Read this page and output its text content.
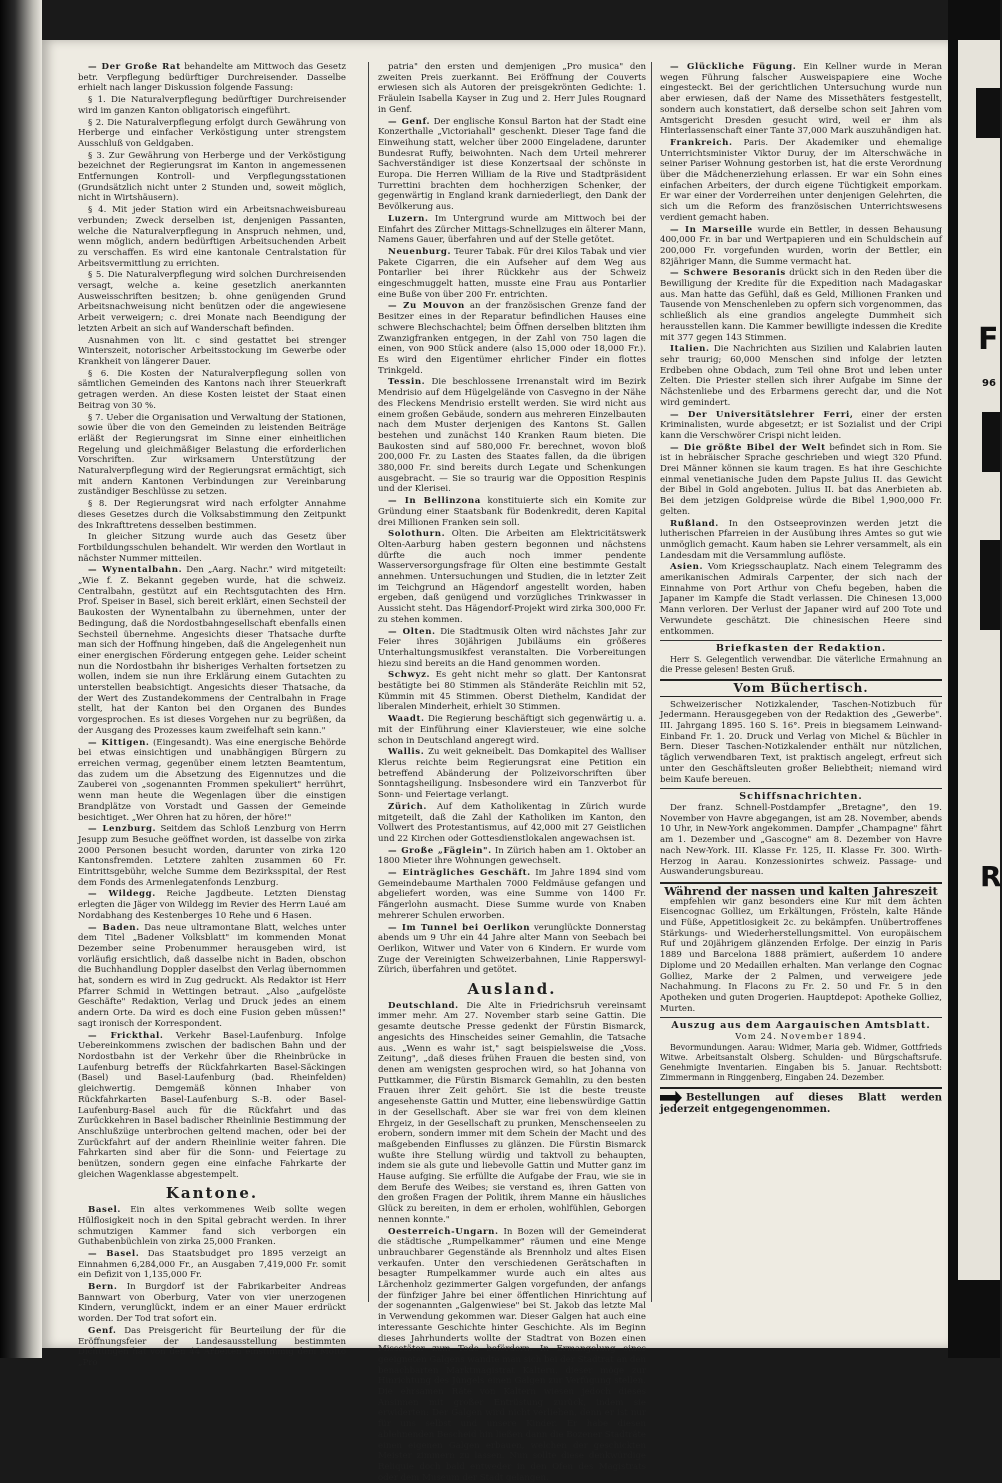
F
96
R

— Der Große Rat behandelte am Mittwoch das Gesetz betr. Verpflegung bedürftiger Durchreisender. Dasselbe erhielt nach langer Diskussion folgende Fassung:

§ 1. Die Naturalverpflegung bedürftiger Durchreisender wird im ganzen Kanton obligatorisch eingeführt.

§ 2. Die Naturalverpflegung erfolgt durch Gewährung von Herberge und einfacher Verköstigung unter strengstem Ausschluß von Geldgaben.

§ 3. Zur Gewährung von Herberge und der Verköstigung bezeichnet der Regierungsrat im Kanton in angemessenen Entfernungen Kontroll- und Verpflegungsstationen (Grundsätzlich nicht unter 2 Stunden und, soweit möglich, nicht in Wirtshäusern).

§ 4. Mit jeder Station wird ein Arbeitsnachweisbureau verbunden; Zweck derselben ist, denjenigen Passanten, welche die Naturalverpflegung in Anspruch nehmen, und, wenn möglich, andern bedürftigen Arbeitsuchenden Arbeit zu verschaffen. Es wird eine kantonale Centralstation für Arbeitsvermittlung zu errichten.

§ 5. Die Naturalverpflegung wird solchen Durchreisenden versagt, welche a. keine gesetzlich anerkannten Ausweisschriften besitzen; b. ohne genügenden Grund Arbeitsnachweisung nicht benützen oder die angewiesene Arbeit verweigern; c. drei Monate nach Beendigung der letzten Arbeit an sich auf Wanderschaft befinden.

Ausnahmen von lit. c sind gestattet bei strenger Winterszeit, notorischer Arbeitsstockung im Gewerbe oder Krankheit von längerer Dauer.

§ 6. Die Kosten der Naturalverpflegung sollen von sämtlichen Gemeinden des Kantons nach ihrer Steuerkraft getragen werden. An diese Kosten leistet der Staat einen Beitrag von 30 %.

§ 7. Ueber die Organisation und Verwaltung der Stationen, sowie über die von den Gemeinden zu leistenden Beiträge erläßt der Regierungsrat im Sinne einer einheitlichen Regelung und gleichmäßiger Belastung die erforderlichen Vorschriften. Zur wirksamern Unterstützung der Naturalverpflegung wird der Regierungsrat ermächtigt, sich mit andern Kantonen Verbindungen zur Vereinbarung zuständiger Beschlüsse zu setzen.

§ 8. Der Regierungsrat wird nach erfolgter Annahme dieses Gesetzes durch die Volksabstimmung den Zeitpunkt des Inkrafttretens desselben bestimmen.

In gleicher Sitzung wurde auch das Gesetz über Fortbildungsschulen behandelt. Wir werden den Wortlaut in nächster Nummer mitteilen.

— Wynentalbahn. Den „Aarg. Nachr." wird mitgeteilt: „Wie f. Z. Bekannt gegeben wurde, hat die schweiz. Centralbahn, gestützt auf ein Rechtsgutachten des Hrn. Prof. Speiser in Basel, sich bereit erklärt, einen Sechsteil der Baukosten der Wynentalbahn zu übernehmen, unter der Bedingung, daß die Nordostbahngesellschaft ebenfalls einen Sechsteil übernehme. Angesichts dieser Thatsache durfte man sich der Hoffnung hingeben, daß die Angelegenheit nun einer energischen Förderung entgegen gehe. Leider scheint nun die Nordostbahn ihr bisheriges Verhalten fortsetzen zu wollen, indem sie nun ihre Erklärung einem Gutachten zu unterstellen beabsichtigt. Angesichts dieser Thatsache, da der Wert des Zustandekommens der Centralbahn in Frage stellt, hat der Kanton bei den Organen des Bundes vorgesprochen. Es ist dieses Vorgehen nur zu begrüßen, da der Ausgang des Prozesses kaum zweifelhaft sein kann."

— Kittigen. (Eingesandt). Was eine energische Behörde bei etwas einsichtigen und unabhängigen Bürgern zu erreichen vermag, gegenüber einem letzten Beamtentum, das zudem um die Absetzung des Eigennutzes und die Zauberei von „sogenannten Frommen spekuliert" herrührt, wenn man heute die Wegenlagen über die einstigen Brandplätze von Vorstadt und Gassen der Gemeinde besichtiget. „Wer Ohren hat zu hören, der höre!"

— Lenzburg. Seitdem das Schloß Lenzburg von Herrn Jesupp zum Besuche geöffnet worden, ist dasselbe von zirka 2000 Personen besucht worden, darunter von zirka 120 Kantonsfremden. Letztere zahlten zusammen 60 Fr. Eintrittsgebühr, welche Summe dem Bezirksspital, der Rest dem Fonds des Armenlegatenfonds Lenzburg.

— Wildegg. Reiche Jagdbeute. Letzten Dienstag erlegten die Jäger von Wildegg im Revier des Herrn Laué am Nordabhang des Kestenberges 10 Rehe und 6 Hasen.

— Baden. Das neue ultramontane Blatt, welches unter dem Titel „Badener Volksblatt" im kommenden Monat Dezember seine Probenummer herausgeben wird, ist vorläufig ersichtlich, daß dasselbe nicht in Baden, obschon die Buchhandlung Doppler daselbst den Verlag übernommen hat, sondern es wird in Zug gedruckt. Als Redaktor ist Herr Pfarrer Schmid in Wettingen betraut. „Also „aufgelöste Geschäfte" Redaktion, Verlag und Druck jedes an einem andern Orte. Da wird es doch eine Fusion geben müssen!" sagt ironisch der Korrespondent.

— Frickthal. Verkehr Basel-Laufenburg. Infolge Uebereinkommens zwischen der badischen Bahn und der Nordostbahn ist der Verkehr über die Rheinbrücke in Laufenburg betreffs der Rückfahrkarten Basel-Säckingen (Basel) und Basel-Laufenburg (bad. Rheinfelden) gleichwertig. Demgemäß können Inhaber von Rückfahrkarten Basel-Laufenburg S.-B. oder Basel-Laufenburg-Basel auch für die Rückfahrt und das Zurückkehren in Basel badischer Rheinlinie Bestimmung der Anschlußzüge unterbrochen geltend machen, oder bei der Zurückfahrt auf der andern Rheinlinie weiter fahren. Die Fahrkarten sind aber für die Sonn- und Feiertage zu benützen, sondern gegen eine einfache Fahrkarte der gleichen Wagenklasse abgestempelt.

Kantone.

Basel. Ein altes verkommenes Weib sollte wegen Hülflosigkeit noch in den Spital gebracht werden. In ihrer schmutzigen Kammer fand sich verborgen ein Guthabenbüchlein von zirka 25,000 Franken.

— Basel. Das Staatsbudget pro 1895 verzeigt an Einnahmen 6,284,000 Fr., an Ausgaben 7,419,000 Fr. somit ein Defizit von 1,135,000 Fr.

Bern. In Burgdorf ist der Fabrikarbeiter Andreas Bannwart von Oberburg, Vater von vier unerzogenen Kindern, verunglückt, indem er an einer Mauer erdrückt worden. Der Tod trat sofort ein.

Genf. Das Preisgericht für Beurteilung der für die Eröffnungsfeier der Landesausstellung bestimmten Dichtungen hat von den 44 Arbeiten einstimmig dem Motto „Pro

patria" den ersten und demjenigen „Pro musica" den zweiten Preis zuerkannt. Bei Eröffnung der Couverts erwiesen sich als Autoren der preisgekrönten Gedichte: 1. Fräulein Isabella Kayser in Zug und 2. Herr Jules Rougnard in Genf.

— Genf. Der englische Konsul Barton hat der Stadt eine Konzerthalle „Victoriahall" geschenkt. Dieser Tage fand die Einweihung statt, welcher über 2000 Eingeladene, darunter Bundesrat Ruffy, beiwohnten. Nach dem Urteil mehrerer Sachverständiger ist diese Konzertsaal der schönste in Europa. Die Herren William de la Rive und Stadtpräsident Turrettini brachten dem hochherzigen Schenker, der gegenwärtig in England krank darniederliegt, den Dank der Bevölkerung aus.

Luzern. Im Untergrund wurde am Mittwoch bei der Einfahrt des Zürcher Mittags-Schnellzuges ein älterer Mann, Namens Gauer, überfahren und auf der Stelle getötet.

Neuenburg. Teurer Tabak. Für drei Kilos Tabak und vier Pakete Cigarren, die ein Aufseher auf dem Weg aus Pontarlier bei ihrer Rückkehr aus der Schweiz eingeschmuggelt hatten, musste eine Frau aus Pontarlier eine Buße von über 200 Fr. entrichten.

— Zu Mouvon an der französischen Grenze fand der Besitzer eines in der Reparatur befindlichen Hauses eine schwere Blechschachtel; beim Öffnen derselben blitzten ihm Zwanzigfranken entgegen, in der Zahl von 750 lagen die einen, von 900 Stück andere (also 15,000 oder 18,000 Fr.). Es wird den Eigentümer ehrlicher Finder ein flottes Trinkgeld.

Tessin. Die beschlossene Irrenanstalt wird im Bezirk Mendrisio auf dem Hügelgelände von Casvegno in der Nähe des Fleckens Mendrisio erstellt werden. Sie wird nicht aus einem großen Gebäude, sondern aus mehreren Einzelbauten nach dem Muster derjenigen des Kantons St. Gallen bestehen und zunächst 140 Kranken Raum bieten. Die Baukosten sind auf 580,000 Fr. berechnet, wovon bloß 200,000 Fr. zu Lasten des Staates fallen, da die übrigen 380,000 Fr. sind bereits durch Legate und Schenkungen ausgebracht. — Sie so traurig war die Opposition Respinis und der Klerisei.

— In Bellinzona konstituierte sich ein Komite zur Gründung einer Staatsbank für Bodenkredit, deren Kapital drei Millionen Franken sein soll.

Solothurn. Olten. Die Arbeiten am Elektricitätswerk Olten-Aarburg haben gestern begonnen und nächstens dürfte die auch noch immer pendente Wasserversorgungsfrage für Olten eine bestimmte Gestalt annehmen. Untersuchungen und Studien, die in letzter Zeit im Teichgrund an Hägendorf angestellt worden, haben ergeben, daß genügend und vorzügliches Trinkwasser in Aussicht steht. Das Hägendorf-Projekt wird zirka 300,000 Fr. zu stehen kommen.

— Olten. Die Stadtmusik Olten wird nächstes Jahr zur Feier ihres 30jährigen Jubiläums ein größeres Unterhaltungsmusikfest veranstalten. Die Vorbereitungen hiezu sind bereits an die Hand genommen worden.

Schwyz. Es geht nicht mehr so glatt. Der Kantonsrat bestätigte bei 80 Stimmen als Ständerätе Reichlin mit 52, Kümmin mit 45 Stimmen. Oberst Diethelm, Kandidat der liberalen Minderheit, erhielt 30 Stimmen.

Waadt. Die Regierung beschäftigt sich gegenwärtig u. a. mit der Einführung einer Klaviersteuer, wie eine solche schon in Deutschland angeregt wird.

Wallis. Zu weit gekneibelt. Das Domkapitel des Walliser Klerus reichte beim Regierungsrat eine Petition ein betreffend Abänderung der Polizeivorschriften über Sonntagsheiligung. Insbesondere wird ein Tanzverbot für Sonn- und Feiertage verlangt.

Zürich. Auf dem Katholikentag in Zürich wurde mitgeteilt, daß die Zahl der Katholiken im Kanton, den Vollwert des Protestantismus, auf 42,000 mit 27 Geistlichen und 22 Kirchen oder Gottesdienstlokalen angewachsen ist.

— Große „Fäglein". In Zürich haben am 1. Oktober an 1800 Mieter ihre Wohnungen gewechselt.

— Einträgliches Geschäft. Im Jahre 1894 sind vom Gemeindebaume Marthalen 7000 Feldmäuse gefangen und abgeliefert worden, was eine Summe von 1400 Fr. Fängerlohn ausmacht. Diese Summe wurde von Knaben mehrerer Schulen erworben.

— Im Tunnel bei Oerlikon verunglückte Donnerstag abends um 9 Uhr ein 44 Jahre alter Mann von Seebach bei Oerlikon, Witwer und Vater von 6 Kindern. Er wurde vom Zuge der Vereinigten Schweizerbahnen, Linie Rapperswyl-Zürich, überfahren und getötet.

Ausland.

Deutschland. Die Alte in Friedrichsruh vereinsamt immer mehr. Am 27. November starb seine Gattin. Die gesamte deutsche Presse gedenkt der Fürstin Bismarck, angesichts des Hinscheides seiner Gemahlin, die Tatsache aus. „Wenn es wahr ist," sagt beispielsweise die „Voss. Zeitung", „daß dieses frühen Frauen die besten sind, von denen am wenigsten gesprochen wird, so hat Johanna von Puttkammer, die Fürstin Bismarck Gemahlin, zu den besten Frauen ihrer Zeit gehört. Sie ist die beste treuste angesehenste Gattin und Mutter, eine liebenswürdige Gattin in der Gesellschaft. Aber sie war frei von dem kleinen Ehrgeiz, in der Gesellschaft zu prunken, Menschenseelen zu erobern, sondern immer mit dem Schein der Macht und des maßgebenden Einflusses zu glänzen. Die Fürstin Bismarck wußte ihre Stellung würdig und taktvoll zu behaupten, indem sie als gute und liebevolle Gattin und Mutter ganz im Hause aufging. Sie erfüllte die Aufgabe der Frau, wie sie in dem Berufe des Weibes; sie verstand es, ihren Gatten von den großen Fragen der Politik, ihrem Manne ein häusliches Glück zu bereiten, in dem er erholen, wohlfühlen, Geborgen nennen konnte."

Oesterreich-Ungarn. In Bozen will der Gemeinderat die städtische „Rumpelkammer" räumen und eine Menge unbrauchbarer Gegenstände als Brennholz und altes Eisen verkaufen. Unter den verschiedenen Gerätschaften in besagter Rumpelkammer wurde auch ein altes aus Lärchenholz gezimmerter Galgen vorgefunden, der anfangs der fünfziger Jahre bei einer öffentlichen Hinrichtung auf der sogenannten „Galgenwiese" bei St. Jakob das letzte Mal in Verwendung gekommen war. Dieser Galgen hat auch eine interessante Geschichte hinter Geschichte. Als im Beginn dieses Jahrhunderts wollte der Stadtrat von Bozen einen Missetäter zum Tode befördern. In Ermangelung eines geeigneten Galgens wandte man sich bei der Stadtrat an den benachbarten Marktmagistrat Kaltern, dieser möge zur Hinrichtung des Jüngels einen Galgen zur Verfügung stellen. Die ehrsamen Räte von Kaltern wiesen jedoch dieses Ansinnen mit großer Entrüstung zurück, indem sie erwiderten: Der Galgen wird nicht verliehen, denn er ist nur für uns selbst und unsere Kinder. Er habe diesen ablehnenden Bescheid hin ließen dann die Bozener Stadträte einen eigenen Galgen erbauen, welchen der geschickten Meister zimmern zu lassen. Nun sollte diese denkwürdige Reliquie doch bald entweder in den Ofen des Magistrats oder dem Museum der Stadt gelangen.

— Glückliche Fügung. Ein Kellner wurde in Meran wegen Führung falscher Ausweispapiere eine Woche eingesteckt. Bei der gerichtlichen Untersuchung wurde nun aber erwiesen, daß der Name des Missethäters festgestellt, sondern auch konstatiert, daß derselbe schon seit Jahren vom Amtsgericht Dresden gesucht wird, weil er ihm als Hinterlassenschaft einer Tante 37,000 Mark auszuhändigen hat.

Frankreich. Paris. Der Akademiker und ehemalige Unterrichtsminister Viktor Duruy, der im Alterschwäche in seiner Pariser Wohnung gestorben ist, hat die erste Verordnung über die Mädchenerziehung erlassen. Er war ein Sohn eines einfachen Arbeiters, der durch eigene Tüchtigkeit emporkam. Er war einer der Vorderreihen unter denjenigen Gelehrten, die sich um die Reform des französischen Unterrichtswesens verdient gemacht haben.

— In Marseille wurde ein Bettler, in dessen Behausung 400,000 Fr. in bar und Wertpapieren und ein Schuldschein auf 200,000 Fr. vorgefunden wurden, worin der Bettler, ein 82jähriger Mann, die Summe vermacht hat.

— Schwere Besoranis drückt sich in den Reden über die Bewilligung der Kredite für die Expedition nach Madagaskar aus. Man hatte das Gefühl, daß es Geld, Millionen Franken und Tausende von Menschenleben zu opfern sich vorgenommen, das schließlich als eine grandios angelegte Dummheit sich herausstellen kann. Die Kammer bewilligte indessen die Kredite mit 377 gegen 143 Stimmen.

Italien. Die Nachrichten aus Sizilien und Kalabrien lauten sehr traurig; 60,000 Menschen sind infolge der letzten Erdbeben ohne Obdach, zum Teil ohne Brot und leben unter Zelten. Die Priester stellen sich ihrer Aufgabe im Sinne der Nächstenliebe und des Erbarmens gerecht dar, und die Not wird gemindert.

— Der Universitätslehrer Ferri, einer der ersten Kriminalisten, wurde abgesetzt; er ist Sozialist und der Cripi kann die Verschwörer Crispi nicht leiden.

— Die größte Bibel der Welt befindet sich in Rom. Sie ist in hebräischer Sprache geschrieben und wiegt 320 Pfund. Drei Männer können sie kaum tragen. Es hat ihre Geschichte einmal venetianische Juden dem Papste Julius II. das Gewicht der Bibel in Gold angeboten. Julius II. bat das Anerbieten ab. Bei dem jetzigen Goldpreise würde die Bibel 1,900,000 Fr. gelten.

Rußland. In den Ostseeprovinzen werden jetzt die lutherischen Pfarreien in der Ausübung ihres Amtes so gut wie unmöglich gemacht. Kaum haben sie Lehrer versammelt, als ein Landesdam mit die Versammlung auflöste.

Asien. Vom Kriegsschauplatz. Nach einem Telegramm des amerikanischen Admirals Carpenter, der sich nach der Einnahme von Port Arthur von Chefu begeben, haben die Japaner im Kampfe die Stadt verlassen. Die Chinesen 13,000 Mann verloren. Der Verlust der Japaner wird auf 200 Tote und Verwundete geschätzt. Die chinesischen Heere sind entkommen.

Briefkasten der Redaktion.

Herr S. Gelegentlich verwendbar. Die väterliche Ermahnung an die Presse gelesen! Besten Gruß.

Vom Büchertisch.

Schweizerischer Notizkalender, Taschen-Notizbuch für Jedermann. Herausgegeben von der Redaktion des „Gewerbe". III. Jahrgang 1895. 160 S. 16°. Preis in biegsamem Leinwand-Einband Fr. 1. 20. Druck und Verlag von Michel & Büchler in Bern. Dieser Taschen-Notizkalender enthält nur nützlichen, täglich verwendbaren Text, ist praktisch angelegt, erfreut sich unter den Geschäftsleuten großer Beliebtheit; niemand wird beim Kaufe bereuen.

Schiffsnachrichten.

Der franz. Schnell-Postdampfer „Bretagne", den 19. November von Havre abgegangen, ist am 28. November, abends 10 Uhr, in New-York angekommen. Dampfer „Champagne" fährt am 1. Dezember und „Gascogne" am 8. Dezember von Havre nach New-York. III. Klasse Fr. 125, II. Klasse Fr. 300. Wirth-Herzog in Aarau. Konzessionirtes schweiz. Passage- und Auswanderungsbureau.

Während der nassen und kalten Jahreszeit

empfehlen wir ganz besonders eine Kur mit dem ächten Eisencognac Golliez, um Erkältungen, Frösteln, kalte Hände und Füße, Appetitlosigkeit 2c. zu bekämpfen. Unübertroffenes Stärkungs- und Wiederherstellungsmittel. Von europäischem Ruf und 20jährigem glänzenden Erfolge. Der einzig in Paris 1889 und Barcelona 1888 prämiert, außerdem 10 andere Diplome und 20 Medaillen erhalten. Man verlange den Cognac Golliez, Marke der 2 Palmen, und verweigere jede Nachahmung. In Flacons zu Fr. 2. 50 und Fr. 5 in den Apotheken und guten Drogerien. Hauptdepot: Apotheke Golliez, Murten.

Auszug aus dem Aargauischen Amtsblatt.
Vom 24. November 1894.

Bevormundungen. Aarau: Widmer, Maria geb. Widmer, Gottfrieds Witwe. Arbeitsanstalt Olsberg. Schulden- und Bürgschaftsrufe. Genehmigte Inventarien. Eingaben bis 5. Januar. Rechtsbott: Zimmermann in Ringgenberg, Eingaben 24. Dezember.

Bestellungen auf dieses Blatt werden jederzeit entgegengenommen.
